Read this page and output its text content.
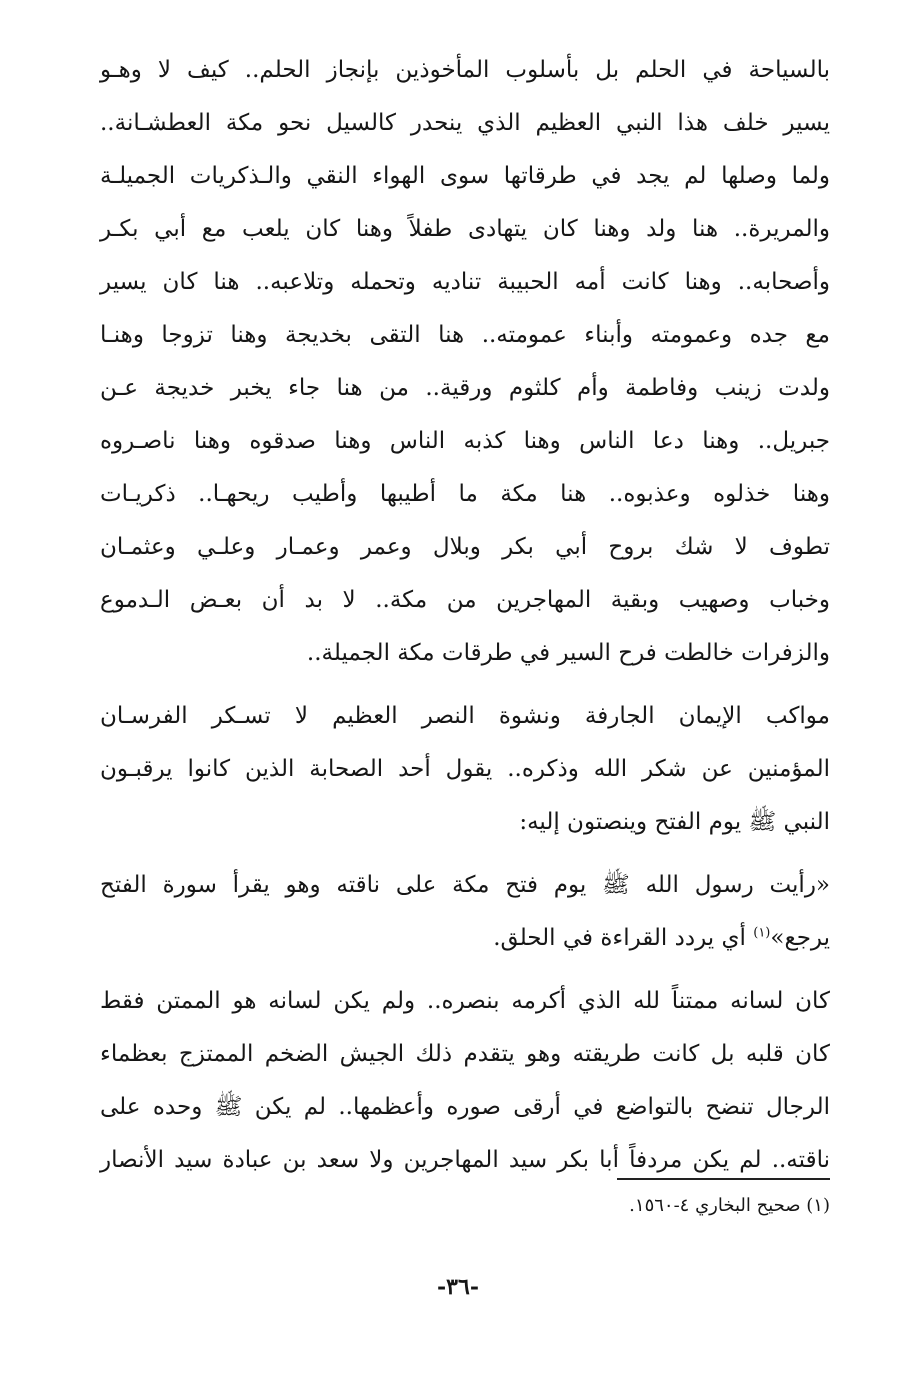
بالسياحة في الحلم بل بأسلوب المأخوذين بإنجاز الحلم.. كيف لا وهـو
يسير خلف هذا النبي العظيم الذي ينحدر كالسيل نحو مكة العطشـانة..
ولما وصلها لم يجد في طرقاتها سوى الهواء النقي والـذكريات الجميلـة
والمريرة.. هنا ولد وهنا كان يتهادى طفلاً وهنا كان يلعب مع أبي بكـر
وأصحابه.. وهنا كانت أمه الحبيبة تناديه وتحمله وتلاعبه.. هنا كان يسير
مع جده وعمومته وأبناء عمومته.. هنا التقى بخديجة وهنا تزوجا وهنـا
ولدت زينب وفاطمة وأم كلثوم ورقية.. من هنا جاء يخبر خديجة عـن
جبريل.. وهنا دعا الناس وهنا كذبه الناس وهنا صدقوه وهنا ناصـروه
وهنا خذلوه وعذبوه.. هنا مكة ما أطيبها وأطيب ريحهـا.. ذكريـات
تطوف لا شك بروح أبي بكر وبلال وعمر وعمـار وعلـي وعثمـان
وخباب وصهيب وبقية المهاجرين من مكة.. لا بد أن بعـض الـدموع
والزفرات خالطت فرح السير في طرقات مكة الجميلة..

مواكب الإيمان الجارفة ونشوة النصر العظيم لا تسـكر الفرسـان
المؤمنين عن شكر الله وذكره.. يقول أحد الصحابة الذين كانوا يرقبـون
النبي ﷺ يوم الفتح وينصتون إليه:

«رأيت رسول الله ﷺ يوم فتح مكة على ناقته وهو يقرأ سورة الفتح
يرجع»$^{(١)}$ أي يردد القراءة في الحلق.

كان لسانه ممتناً لله الذي أكرمه بنصره.. ولم يكن لسانه هو الممتن فقط
كان قلبه بل كانت طريقته وهو يتقدم ذلك الجيش الضخم الممتزج بعظماء
الرجال تنضح بالتواضع في أرقى صوره وأعظمها.. لم يكن ﷺ وحده على
ناقته.. لم يكن مردفاً أبا بكر سيد المهاجرين ولا سعد بن عبادة سيد الأنصار

(١) صحيح البخاري ٤-١٥٦٠.
-٣٦-
